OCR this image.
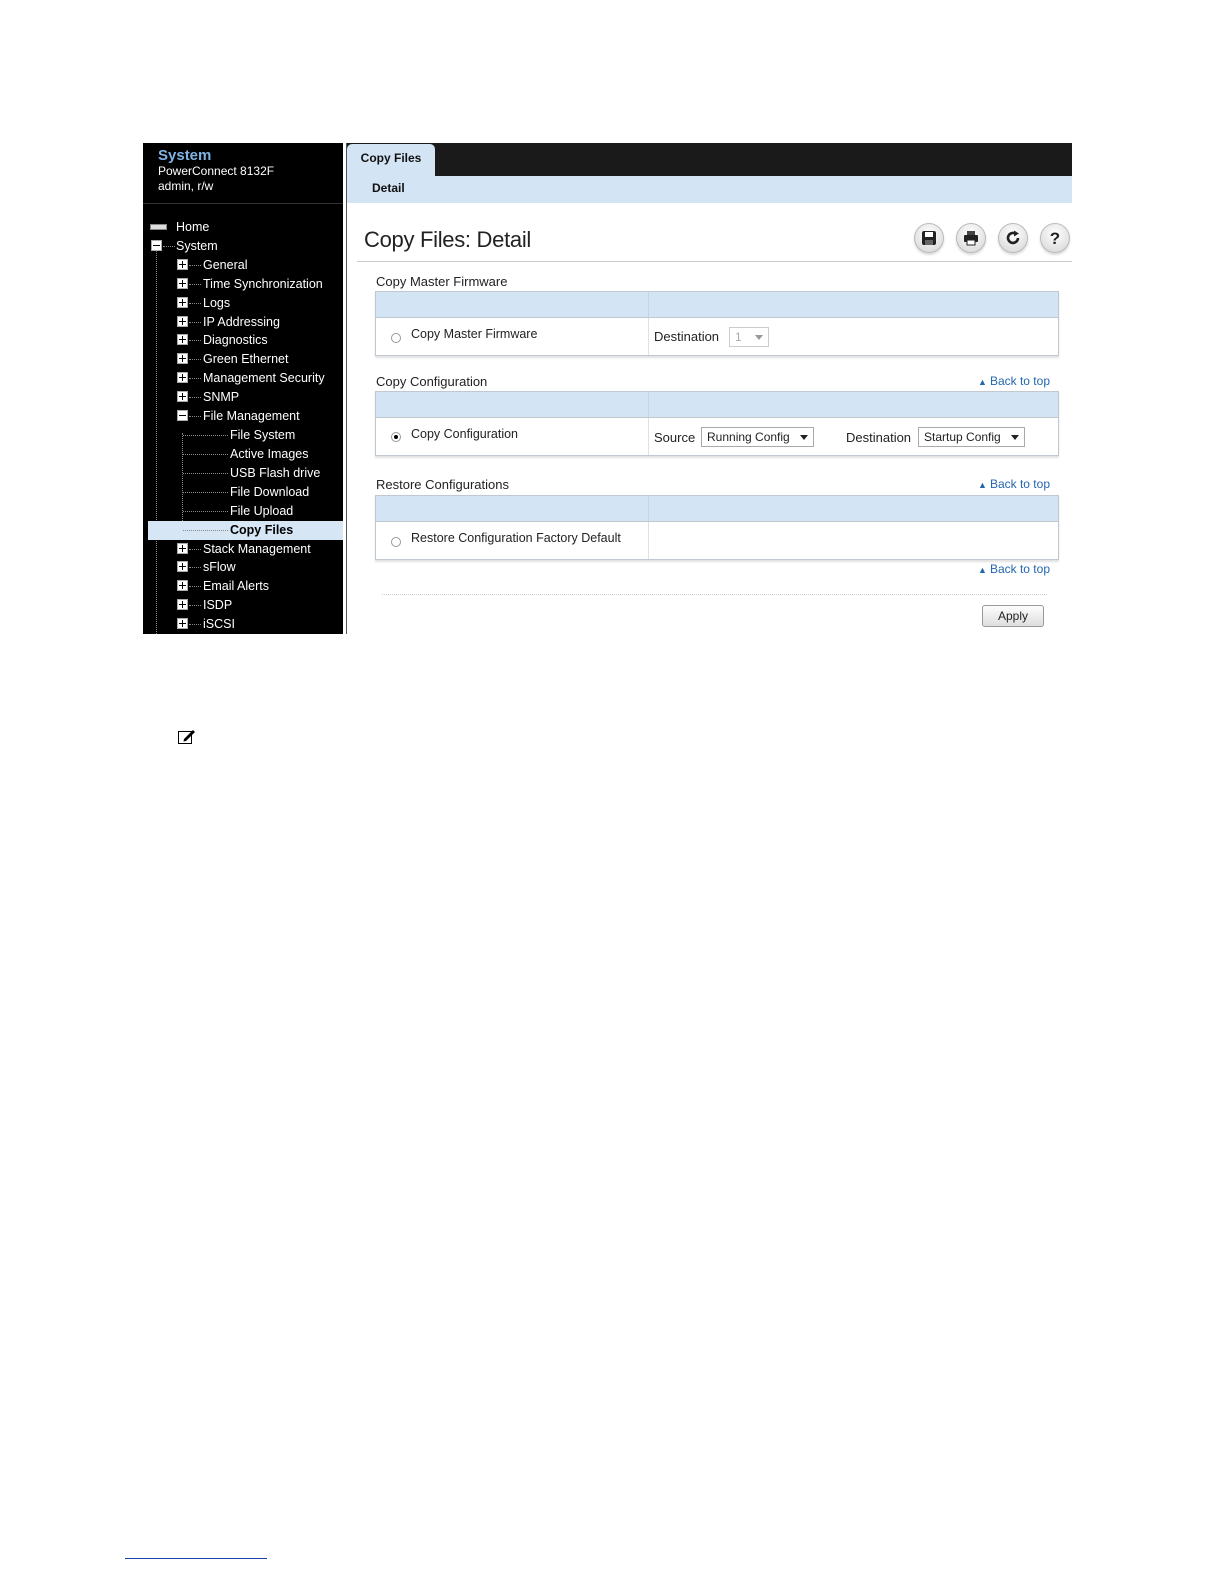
System
PowerConnect 8132F
admin, r/w
Home
System
General
Time Synchronization
Logs
IP Addressing
Diagnostics
Green Ethernet
Management Security
SNMP
File Management
File System
Active Images
USB Flash drive
File Download
File Upload
Copy Files
Stack Management
sFlow
Email Alerts
ISDP
iSCSI
Copy Files
Detail
Copy Files: Detail	?
Copy Master Firmware
Copy Master Firmware	Destination	1
Copy Configuration	▲ Back to top
Copy Configuration	Source Running Config	Destination	Startup Config
Restore Configurations	▲ Back to top
Restore Configuration Factory Default
▲ Back to top
Apply
